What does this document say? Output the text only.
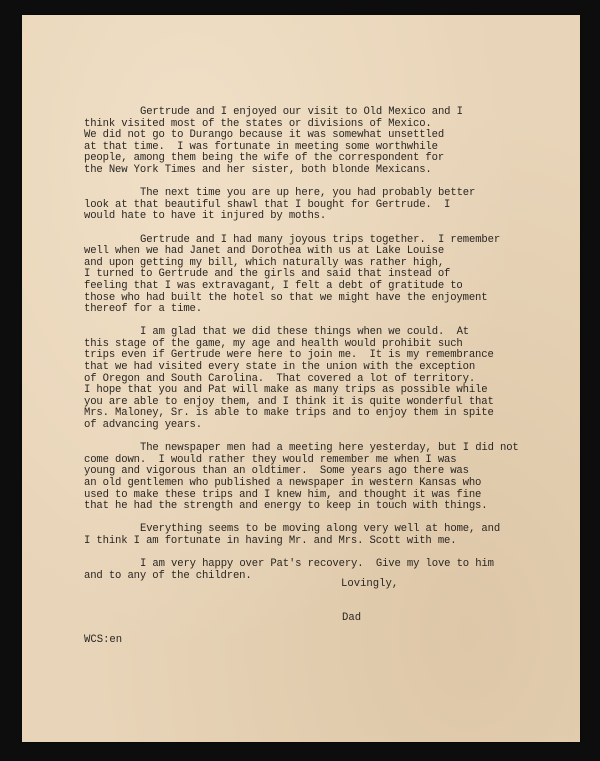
Gertrude and I enjoyed our visit to Old Mexico and I
think visited most of the states or divisions of Mexico.
We did not go to Durango because it was somewhat unsettled
at that time.  I was fortunate in meeting some worthwhile
people, among them being the wife of the correspondent for
the New York Times and her sister, both blonde Mexicans.
The next time you are up here, you had probably better
look at that beautiful shawl that I bought for Gertrude.  I
would hate to have it injured by moths.
Gertrude and I had many joyous trips together.  I remember
well when we had Janet and Dorothea with us at Lake Louise
and upon getting my bill, which naturally was rather high,
I turned to Gertrude and the girls and said that instead of
feeling that I was extravagant, I felt a debt of gratitude to
those who had built the hotel so that we might have the enjoyment
thereof for a time.
I am glad that we did these things when we could.  At
this stage of the game, my age and health would prohibit such
trips even if Gertrude were here to join me.  It is my remembrance
that we had visited every state in the union with the exception
of Oregon and South Carolina.  That covered a lot of territory.
I hope that you and Pat will make as many trips as possible while
you are able to enjoy them, and I think it is quite wonderful that
Mrs. Maloney, Sr. is able to make trips and to enjoy them in spite
of advancing years.
The newspaper men had a meeting here yesterday, but I did not
come down.  I would rather they would remember me when I was
young and vigorous than an oldtimer.  Some years ago there was
an old gentlemen who published a newspaper in western Kansas who
used to make these trips and I knew him, and thought it was fine
that he had the strength and energy to keep in touch with things.
Everything seems to be moving along very well at home, and
I think I am fortunate in having Mr. and Mrs. Scott with me.
I am very happy over Pat's recovery.  Give my love to him
and to any of the children.
Lovingly,
Dad
WCS:en
